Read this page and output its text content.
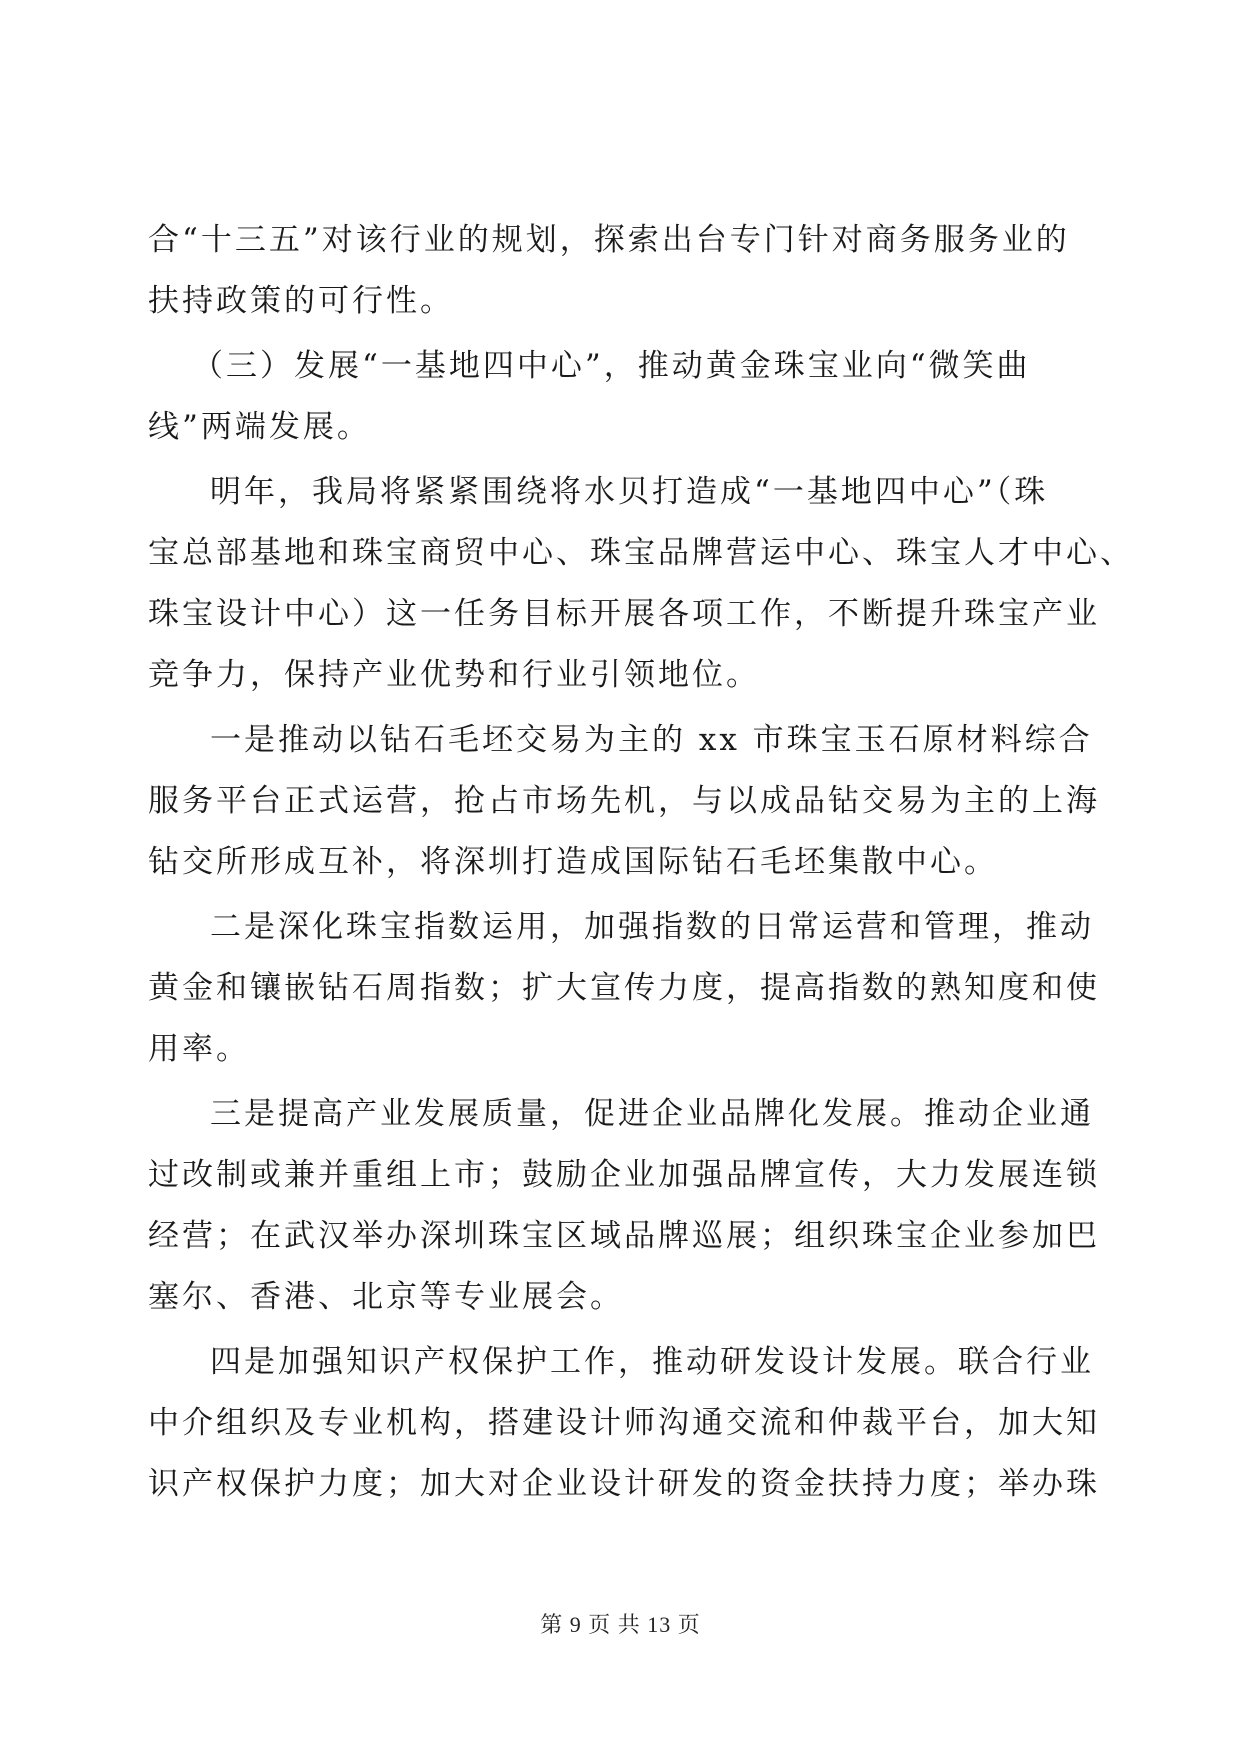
合“十三五”对该行业的规划，探索出台专门针对商务服务业的
扶持政策的可行性。
（三）发展“一基地四中心”，推动黄金珠宝业向“微笑曲
线”两端发展。
明年，我局将紧紧围绕将水贝打造成“一基地四中心”（珠
宝总部基地和珠宝商贸中心、珠宝品牌营运中心、珠宝人才中心、
珠宝设计中心）这一任务目标开展各项工作，不断提升珠宝产业
竞争力，保持产业优势和行业引领地位。
一是推动以钻石毛坯交易为主的 xx 市珠宝玉石原材料综合
服务平台正式运营，抢占市场先机，与以成品钻交易为主的上海
钻交所形成互补，将深圳打造成国际钻石毛坯集散中心。
二是深化珠宝指数运用，加强指数的日常运营和管理，推动
黄金和镶嵌钻石周指数；扩大宣传力度，提高指数的熟知度和使
用率。
三是提高产业发展质量，促进企业品牌化发展。推动企业通
过改制或兼并重组上市；鼓励企业加强品牌宣传，大力发展连锁
经营；在武汉举办深圳珠宝区域品牌巡展；组织珠宝企业参加巴
塞尔、香港、北京等专业展会。
四是加强知识产权保护工作，推动研发设计发展。联合行业
中介组织及专业机构，搭建设计师沟通交流和仲裁平台，加大知
识产权保护力度；加大对企业设计研发的资金扶持力度；举办珠
第 9 页 共 13 页
